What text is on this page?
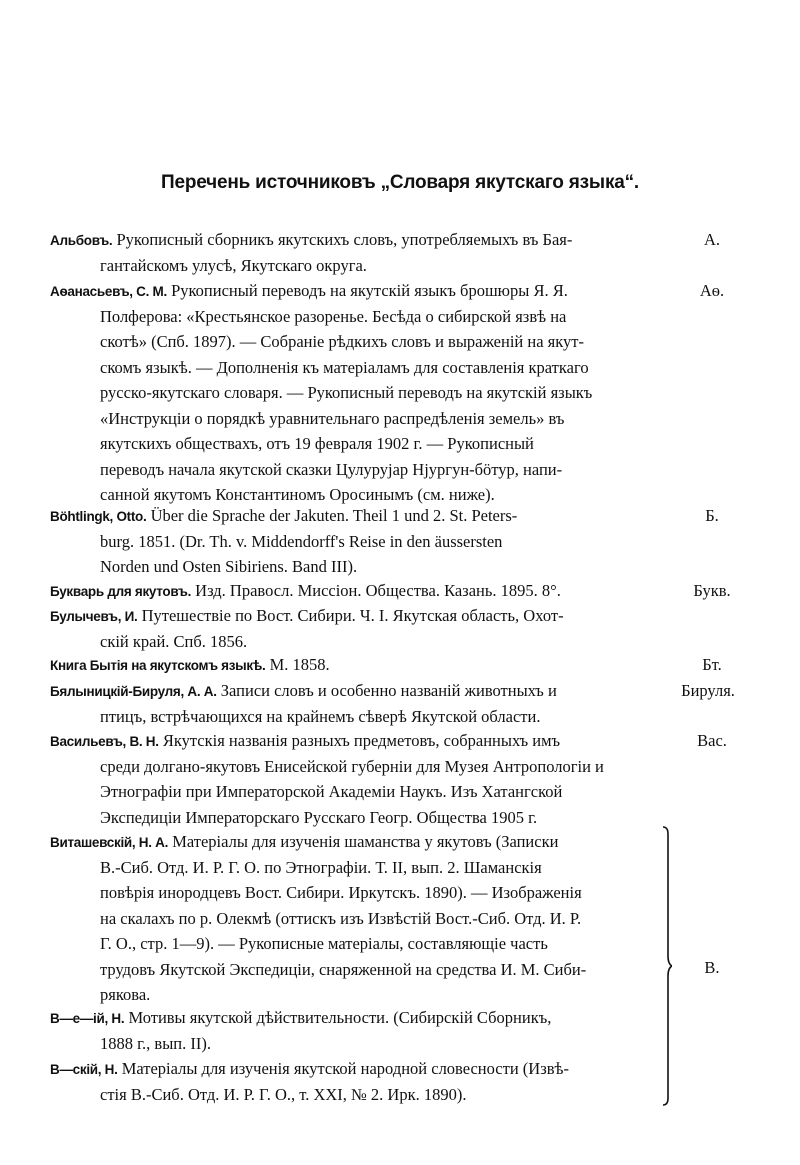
Перечень источниковъ „Словаря якутскаго языка“.
Альбовъ. Рукописный сборникъ якутскихъ словъ, употребляемыхъ въ Бая-
гантайскомъ улусѣ, Якутскаго округа.
А.
Аѳанасьевъ, С. М. Рукописный переводъ на якутскій языкъ брошюры Я. Я.
Полферова: «Крестьянское разоренье. Бесѣда о сибирской язвѣ на
скотѣ» (Спб. 1897). — Собраніе рѣдкихъ словъ и выраженій на якут-
скомъ языкѣ. — Дополненія къ матеріаламъ для составленія краткаго
русско-якутскаго словаря. — Рукописный переводъ на якутскій языкъ
«Инструкціи о порядкѣ уравнительнаго распредѣленія земель» въ
якутскихъ обществахъ, отъ 19 февраля 1902 г. — Рукописный
переводъ начала якутской сказки Цулуруjар Нjургун-бöтур, напи-
санной якутомъ Константиномъ Оросинымъ (см. ниже).
Аѳ.
Böhtlingk, Otto. Über die Sprache der Jakuten. Theil 1 und 2. St. Peters-
burg. 1851. (Dr. Th. v. Middendorff's Reise in den äussersten
Norden und Osten Sibiriens. Band III).
Б.
Букварь для якутовъ. Изд. Правосл. Миссіон. Общества. Казань. 1895. 8°.	Букв.
Булычевъ, И. Путешествіе по Вост. Сибири. Ч. I. Якутская область, Охот-
скій край. Спб. 1856.
Книга Бытія на якутскомъ языкѣ. М. 1858.	Бт.
Бялыницкій-Бируля, А. А. Записи словъ и особенно названій животныхъ и
птицъ, встрѣчающихся на крайнемъ сѣверѣ Якутской области.
Бируля.
Васильевъ, В. Н. Якутскія названія разныхъ предметовъ, собранныхъ имъ
среди долгано-якутовъ Енисейской губерніи для Музея Антропологіи и
Этнографіи при Императорской Академіи Наукъ. Изъ Хатангской
Экспедиціи Императорскаго Русскаго Геогр. Общества 1905 г.
Вас.
Виташевскій, Н. А. Матеріалы для изученія шаманства у якутовъ (Записки
В.-Сиб. Отд. И. Р. Г. О. по Этнографіи. Т. II, вып. 2. Шаманскія
повѣрія инородцевъ Вост. Сибири. Иркутскъ. 1890). — Изображенія
на скалахъ по р. Олекмѣ (оттискъ изъ Извѣстій Вост.-Сиб. Отд. И. Р.
Г. О., стр. 1—9). — Рукописные матеріалы, составляющіе часть
трудовъ Якутской Экспедиціи, снаряженной на средства И. М. Сиби-
рякова.
В—е—ій, Н. Мотивы якутской дѣйствительности. (Сибирскій Сборникъ,
1888 г., вып. II).
В—скій, Н. Матеріалы для изученія якутской народной словесности (Извѣ-
стія В.-Сиб. Отд. И. Р. Г. О., т. XXI, № 2. Ирк. 1890).
В.
